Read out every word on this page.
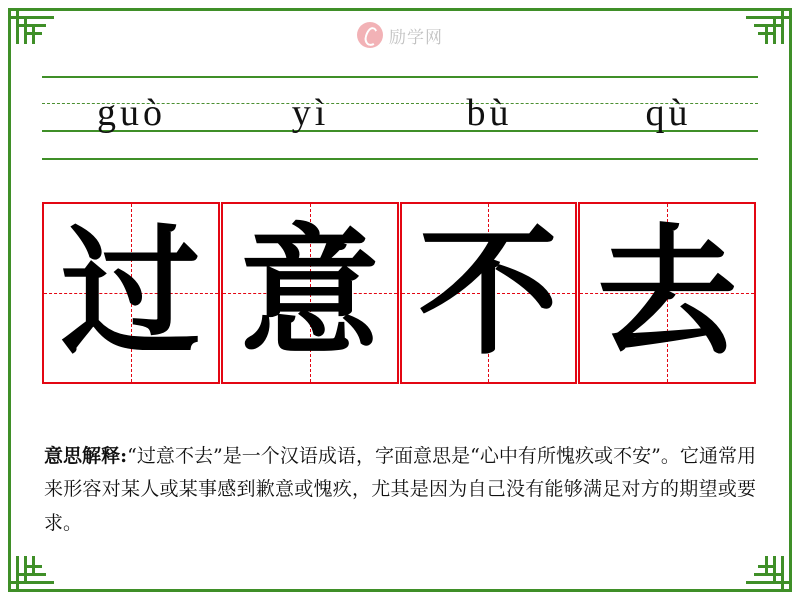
励学网
guò	yì	bù	qù
过 意 不 去
意思解释:“过意不去”是一个汉语成语，字面意思是“心中有所愧疚或不安”。它通常用来形容对某人或某事感到歉意或愧疚，尤其是因为自己没有能够满足对方的期望或要求。
